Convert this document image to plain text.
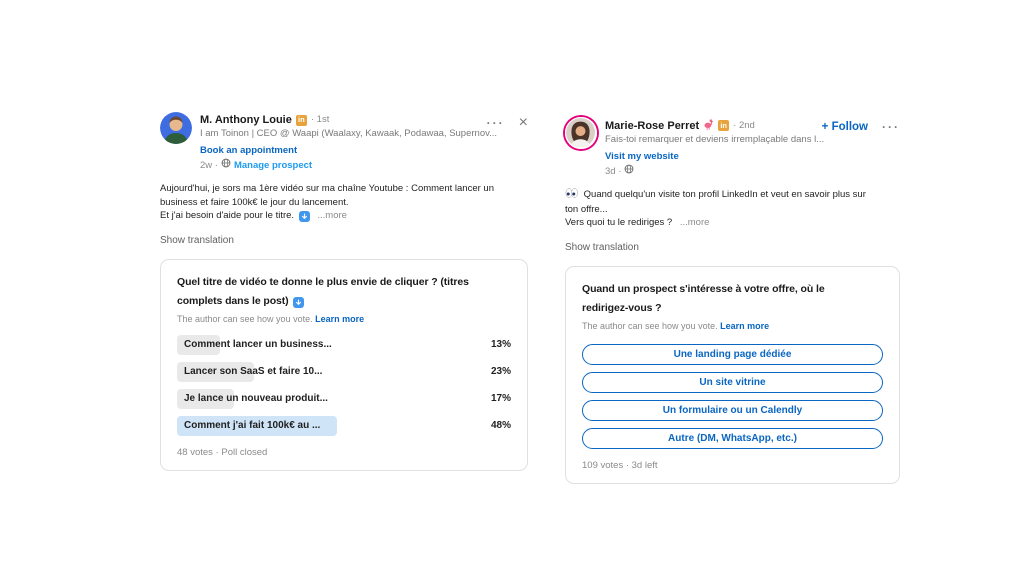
··· ×
M. Anthony Louie in · 1st
I am Toinon | CEO @ Waapi (Waalaxy, Kawaak, Podawaa, Supernov...
Book an appointment
2w · Manage prospect
Aujourd'hui, je sors ma 1ère vidéo sur ma chaîne Youtube : Comment lancer un
business et faire 100k€ le jour du lancement.
Et j'ai besoin d'aide pour le titre. ...more
Show translation
Quel titre de vidéo te donne le plus envie de cliquer ? (titres
complets dans le post)
The author can see how you vote. Learn more
Comment lancer un business...	13%
Lancer son SaaS et faire 10...	23%
Je lance un nouveau produit...	17%
Comment j'ai fait 100k€ au ...	48%
48 votes · Poll closed
+ Follow ···
Marie-Rose Perret	in · 2nd
Fais-toi remarquer et deviens irremplaçable dans l...
Visit my website
3d ·
Quand quelqu'un visite ton profil LinkedIn et veut en savoir plus sur
ton offre...
Vers quoi tu le rediriges ? ...more
Show translation
Quand un prospect s'intéresse à votre offre, où le
redirigez-vous ?
The author can see how you vote. Learn more
Une landing page dédiée
Un site vitrine
Un formulaire ou un Calendly
Autre (DM, WhatsApp, etc.)
109 votes · 3d left
